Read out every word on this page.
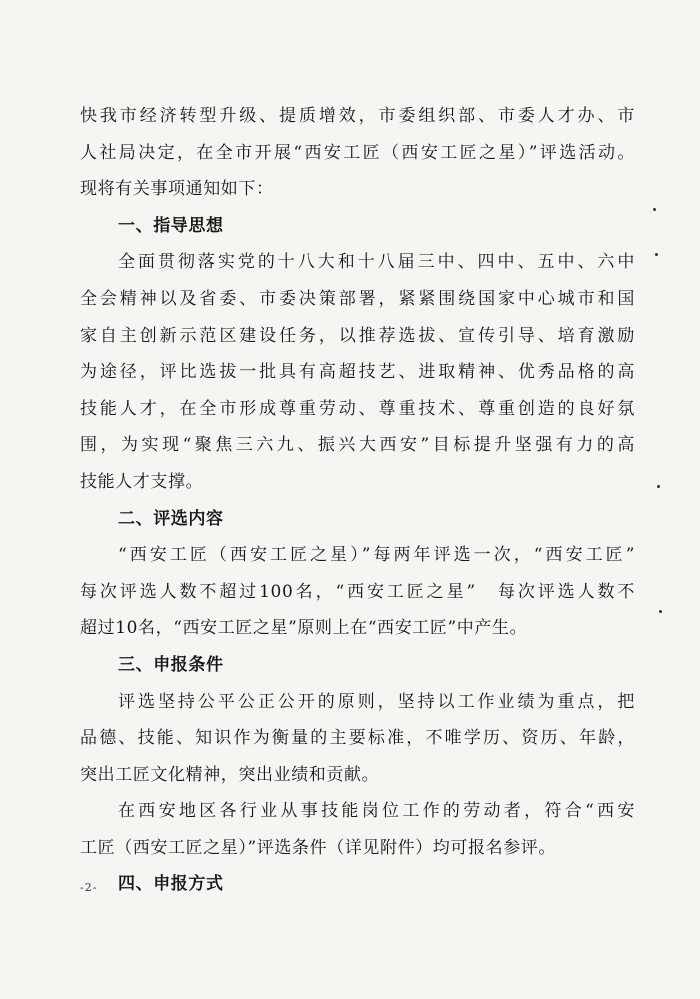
快我市经济转型升级、提质增效，市委组织部、市委人才办、市
人社局决定，在全市开展“西安工匠（西安工匠之星）”评选活动。
现将有关事项通知如下：
一、指导思想
全面贯彻落实党的十八大和十八届三中、四中、五中、六中
全会精神以及省委、市委决策部署，紧紧围绕国家中心城市和国
家自主创新示范区建设任务，以推荐选拔、宣传引导、培育激励
为途径，评比选拔一批具有高超技艺、进取精神、优秀品格的高
技能人才，在全市形成尊重劳动、尊重技术、尊重创造的良好氛
围，为实现“聚焦三六九、振兴大西安”目标提升坚强有力的高
技能人才支撑。
二、评选内容
“西安工匠（西安工匠之星）”每两年评选一次，“西安工匠”
每次评选人数不超过100名，“西安工匠之星”　每次评选人数不
超过10名，“西安工匠之星”原则上在“西安工匠”中产生。
三、申报条件
评选坚持公平公正公开的原则，坚持以工作业绩为重点，把
品德、技能、知识作为衡量的主要标准，不唯学历、资历、年龄，
突出工匠文化精神，突出业绩和贡献。
在西安地区各行业从事技能岗位工作的劳动者，符合“西安
工匠（西安工匠之星）”评选条件（详见附件）均可报名参评。
四、申报方式
-2-
